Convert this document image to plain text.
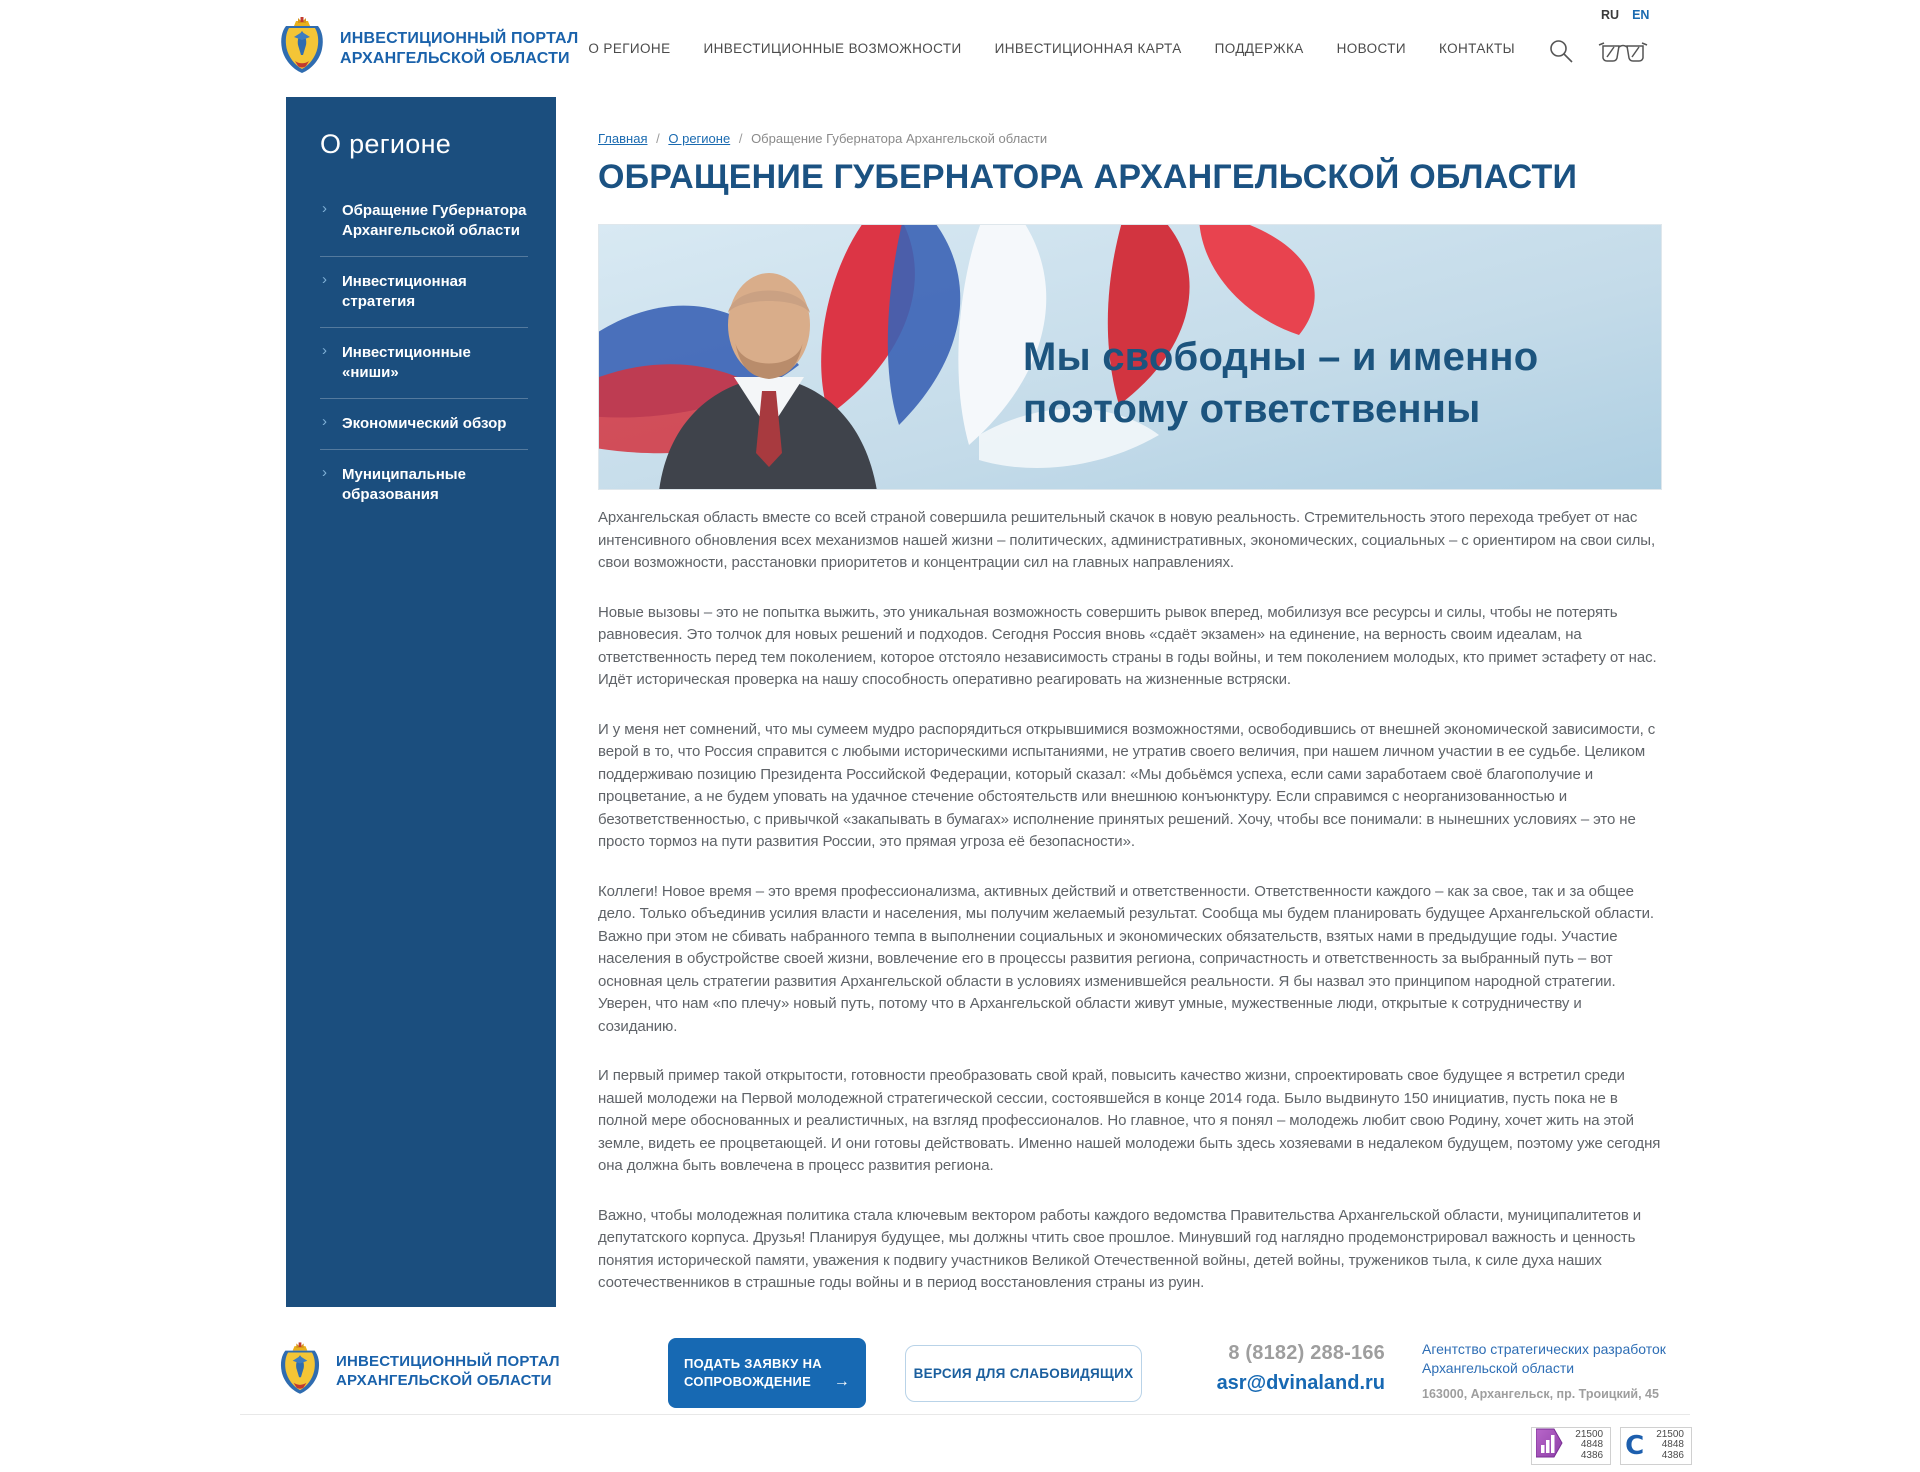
ИНВЕСТИЦИОННЫЙ ПОРТАЛ
АРХАНГЕЛЬСКОЙ ОБЛАСТИ
О РЕГИОНЕ ИНВЕСТИЦИОННЫЕ ВОЗМОЖНОСТИ ИНВЕСТИЦИОННАЯ КАРТА ПОДДЕРЖКА НОВОСТИ КОНТАКТЫ
RU EN
О регионе
› Обращение Губернатора Архангельской области
› Инвестиционная стратегия
› Инвестиционные «ниши»
› Экономический обзор
› Муниципальные образования
Главная / О регионе / Обращение Губернатора Архангельской области
ОБРАЩЕНИЕ ГУБЕРНАТОРА АРХАНГЕЛЬСКОЙ ОБЛАСТИ
Мы свободны – и именно
поэтому ответственны

Архангельская область вместе со всей страной совершила решительный скачок в новую реальность. Стремительность этого перехода требует от нас интенсивного обновления всех механизмов нашей жизни – политических, административных, экономических, социальных – с ориентиром на свои силы, свои возможности, расстановки приоритетов и концентрации сил на главных направлениях.

Новые вызовы – это не попытка выжить, это уникальная возможность совершить рывок вперед, мобилизуя все ресурсы и силы, чтобы не потерять равновесия. Это толчок для новых решений и подходов. Сегодня Россия вновь «сдаёт экзамен» на единение, на верность своим идеалам, на ответственность перед тем поколением, которое отстояло независимость страны в годы войны, и тем поколением молодых, кто примет эстафету от нас. Идёт историческая проверка на нашу способность оперативно реагировать на жизненные встряски.

И у меня нет сомнений, что мы сумеем мудро распорядиться открывшимися возможностями, освободившись от внешней экономической зависимости, с верой в то, что Россия справится с любыми историческими испытаниями, не утратив своего величия, при нашем личном участии в ее судьбе. Целиком поддерживаю позицию Президента Российской Федерации, который сказал: «Мы добьёмся успеха, если сами заработаем своё благополучие и процветание, а не будем уповать на удачное стечение обстоятельств или внешнюю конъюнктуру. Если справимся с неорганизованностью и безответственностью, с привычкой «закапывать в бумагах» исполнение принятых решений. Хочу, чтобы все понимали: в нынешних условиях – это не просто тормоз на пути развития России, это прямая угроза её безопасности».

Коллеги! Новое время – это время профессионализма, активных действий и ответственности. Ответственности каждого – как за свое, так и за общее дело. Только объединив усилия власти и населения, мы получим желаемый результат. Сообща мы будем планировать будущее Архангельской области. Важно при этом не сбивать набранного темпа в выполнении социальных и экономических обязательств, взятых нами в предыдущие годы. Участие населения в обустройстве своей жизни, вовлечение его в процессы развития региона, сопричастность и ответственность за выбранный путь – вот основная цель стратегии развития Архангельской области в условиях изменившейся реальности. Я бы назвал это принципом народной стратегии. Уверен, что нам «по плечу» новый путь, потому что в Архангельской области живут умные, мужественные люди, открытые к сотрудничеству и созиданию.

И первый пример такой открытости, готовности преобразовать свой край, повысить качество жизни, спроектировать свое будущее я встретил среди нашей молодежи на Первой молодежной стратегической сессии, состоявшейся в конце 2014 года. Было выдвинуто 150 инициатив, пусть пока не в полной мере обоснованных и реалистичных, на взгляд профессионалов. Но главное, что я понял – молодежь любит свою Родину, хочет жить на этой земле, видеть ее процветающей. И они готовы действовать. Именно нашей молодежи быть здесь хозяевами в недалеком будущем, поэтому уже сегодня она должна быть вовлечена в процесс развития региона.

Важно, чтобы молодежная политика стала ключевым вектором работы каждого ведомства Правительства Архангельской области, муниципалитетов и депутатского корпуса. Друзья! Планируя будущее, мы должны чтить свое прошлое. Минувший год наглядно продемонстрировал важность и ценность понятия исторической памяти, уважения к подвигу участников Великой Отечественной войны, детей войны, тружеников тыла, к силе духа наших соотечественников в страшные годы войны и в период восстановления страны из руин.

ИНВЕСТИЦИОННЫЙ ПОРТАЛ
АРХАНГЕЛЬСКОЙ ОБЛАСТИ
ПОДАТЬ ЗАЯВКУ НА
СОПРОВОЖДЕНИЕ →	ВЕРСИЯ ДЛЯ СЛАБОВИДЯЩИХ
8 (8182) 288-166
asr@dvinaland.ru
Агентство стратегических разработок
Архангельской области
163000, Архангельск, пр. Троицкий, 45
21500
4848
4386 C 21500
4848
4386
